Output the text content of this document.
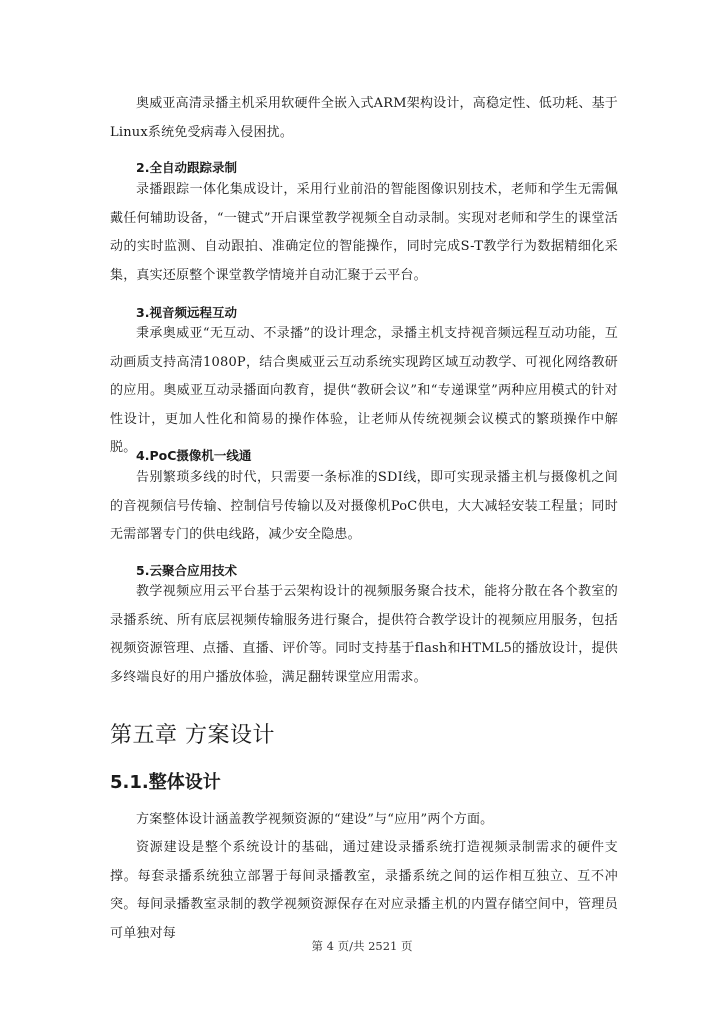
奥威亚高清录播主机采用软硬件全嵌入式ARM架构设计，高稳定性、低功耗、基于Linux系统免受病毒入侵困扰。

2.全自动跟踪录制

录播跟踪一体化集成设计，采用行业前沿的智能图像识别技术，老师和学生无需佩戴任何辅助设备，“一键式”开启课堂教学视频全自动录制。实现对老师和学生的课堂活动的实时监测、自动跟拍、准确定位的智能操作，同时完成S-T教学行为数据精细化采集，真实还原整个课堂教学情境并自动汇聚于云平台。

3.视音频远程互动

秉承奥威亚“无互动、不录播”的设计理念，录播主机支持视音频远程互动功能，互动画质支持高清1080P，结合奥威亚云互动系统实现跨区域互动教学、可视化网络教研的应用。奥威亚互动录播面向教育，提供“教研会议”和“专递课堂”两种应用模式的针对性设计，更加人性化和简易的操作体验，让老师从传统视频会议模式的繁琐操作中解脱。

4.PoC摄像机一线通

告别繁琐多线的时代，只需要一条标准的SDI线，即可实现录播主机与摄像机之间的音视频信号传输、控制信号传输以及对摄像机PoC供电，大大减轻安装工程量；同时无需部署专门的供电线路，减少安全隐患。

5.云聚合应用技术

教学视频应用云平台基于云架构设计的视频服务聚合技术，能将分散在各个教室的录播系统、所有底层视频传输服务进行聚合，提供符合教学设计的视频应用服务，包括视频资源管理、点播、直播、评价等。同时支持基于flash和HTML5的播放设计，提供多终端良好的用户播放体验，满足翻转课堂应用需求。

第五章 方案设计
5.1.整体设计

方案整体设计涵盖教学视频资源的“建设”与“应用”两个方面。

资源建设是整个系统设计的基础，通过建设录播系统打造视频录制需求的硬件支撑。每套录播系统独立部署于每间录播教室，录播系统之间的运作相互独立、互不冲突。每间录播教室录制的教学视频资源保存在对应录播主机的内置存储空间中，管理员可单独对每

第 4 页/共 2521 页
